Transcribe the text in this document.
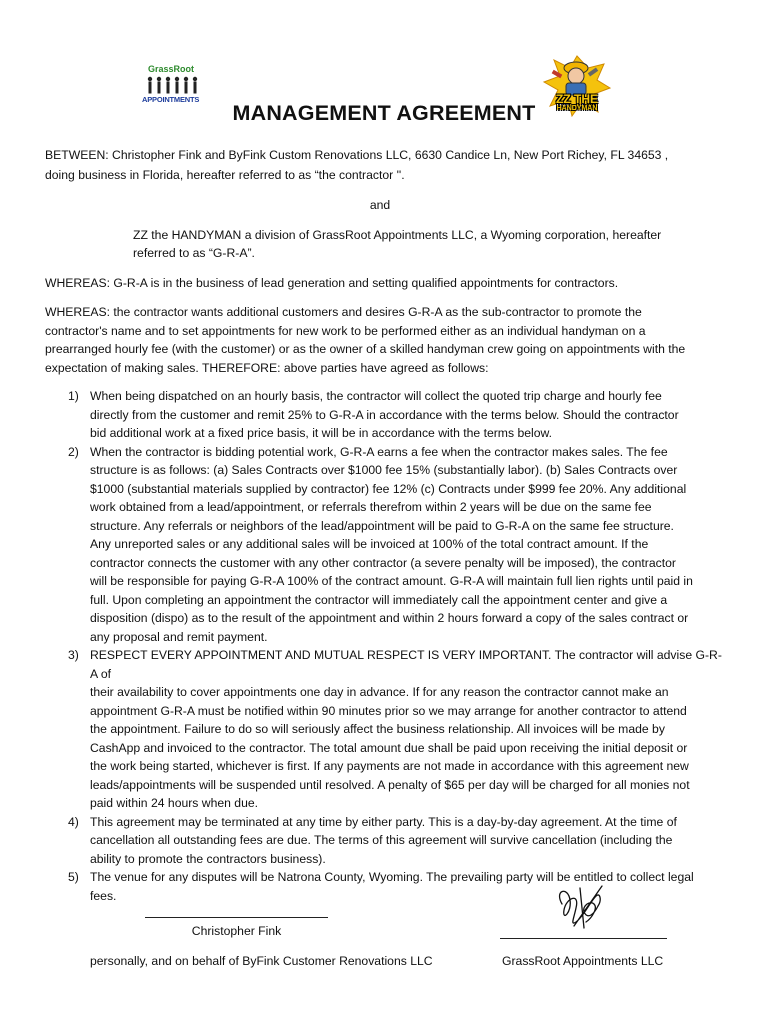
GrassRoot
APPOINTMENTS	ZZ THE
HANDYMAN
MANAGEMENT AGREEMENT
BETWEEN: Christopher Fink and ByFink Custom Renovations LLC, 6630 Candice Ln, New Port Richey, FL 34653 ,
doing business in Florida, hereafter referred to as “the contractor ''.
and
ZZ the HANDYMAN a division of GrassRoot Appointments LLC, a Wyoming corporation, hereafter
referred to as “G-R-A”.
WHEREAS: G-R-A is in the business of lead generation and setting qualified appointments for contractors.
WHEREAS: the contractor wants additional customers and desires G-R-A as the sub-contractor to promote the
contractor's name and to set appointments for new work to be performed either as an individual handyman on a
prearranged hourly fee (with the customer) or as the owner of a skilled handyman crew going on appointments with the
expectation of making sales. THEREFORE: above parties have agreed as follows:
1) When being dispatched on an hourly basis, the contractor will collect the quoted trip charge and hourly fee
directly from the customer and remit 25% to G-R-A in accordance with the terms below. Should the contractor
bid additional work at a fixed price basis, it will be in accordance with the terms below.
2) When the contractor is bidding potential work, G-R-A earns a fee when the contractor makes sales. The fee
structure is as follows: (a) Sales Contracts over $1000 fee 15% (substantially labor). (b) Sales Contracts over
$1000 (substantial materials supplied by contractor) fee 12% (c) Contracts under $999 fee 20%. Any additional
work obtained from a lead/appointment, or referrals therefrom within 2 years will be due on the same fee
structure. Any referrals or neighbors of the lead/appointment will be paid to G-R-A on the same fee structure.
Any unreported sales or any additional sales will be invoiced at 100% of the total contract amount. If the
contractor connects the customer with any other contractor (a severe penalty will be imposed), the contractor
will be responsible for paying G-R-A 100% of the contract amount. G-R-A will maintain full lien rights until paid in
full. Upon completing an appointment the contractor will immediately call the appointment center and give a
disposition (dispo) as to the result of the appointment and within 2 hours forward a copy of the sales contract or
any proposal and remit payment.
3) RESPECT EVERY APPOINTMENT AND MUTUAL RESPECT IS VERY IMPORTANT. The contractor will advise G-R-A of
their availability to cover appointments one day in advance. If for any reason the contractor cannot make an
appointment G-R-A must be notified within 90 minutes prior so we may arrange for another contractor to attend
the appointment. Failure to do so will seriously affect the business relationship. All invoices will be made by
CashApp and invoiced to the contractor. The total amount due shall be paid upon receiving the initial deposit or
the work being started, whichever is first. If any payments are not made in accordance with this agreement new
leads/appointments will be suspended until resolved. A penalty of $65 per day will be charged for all monies not
paid within 24 hours when due.
4) This agreement may be terminated at any time by either party. This is a day-by-day agreement. At the time of
cancellation all outstanding fees are due. The terms of this agreement will survive cancellation (including the
ability to promote the contractors business).
5) The venue for any disputes will be Natrona County, Wyoming. The prevailing party will be entitled to collect legal
fees.
Christopher Fink
personally, and on behalf of ByFink Customer Renovations LLC	GrassRoot Appointments LLC
